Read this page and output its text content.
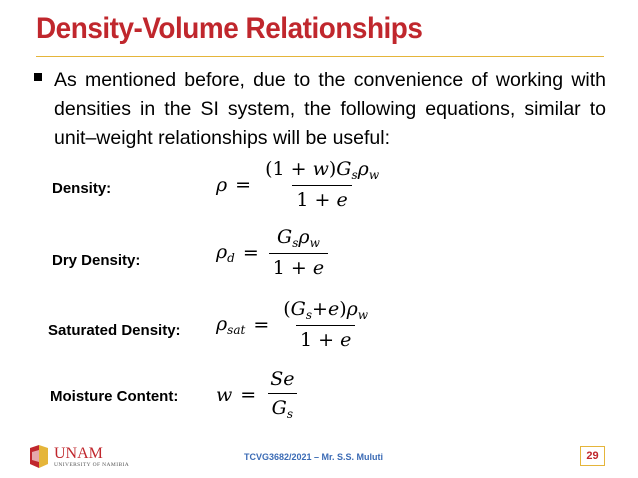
Density-Volume Relationships
As mentioned before, due to the convenience of working with densities in the SI system, the following equations, similar to unit–weight relationships will be useful:
Density:	$\rho = \frac{(1 + w)G_s\rho_w}{1 + e}$
Dry Density:	$\rho_d = \frac{G_s\rho_w}{1 + e}$
Saturated Density: $\rho_{sat} = \frac{(G_s+e)\rho_w}{1 + e}$
Moisture Content: $w = \frac{Se}{G_s}$
UNAM
UNIVERSITY OF NAMIBIA
TCVG3682/2021 – Mr. S.S. Muluti	29
